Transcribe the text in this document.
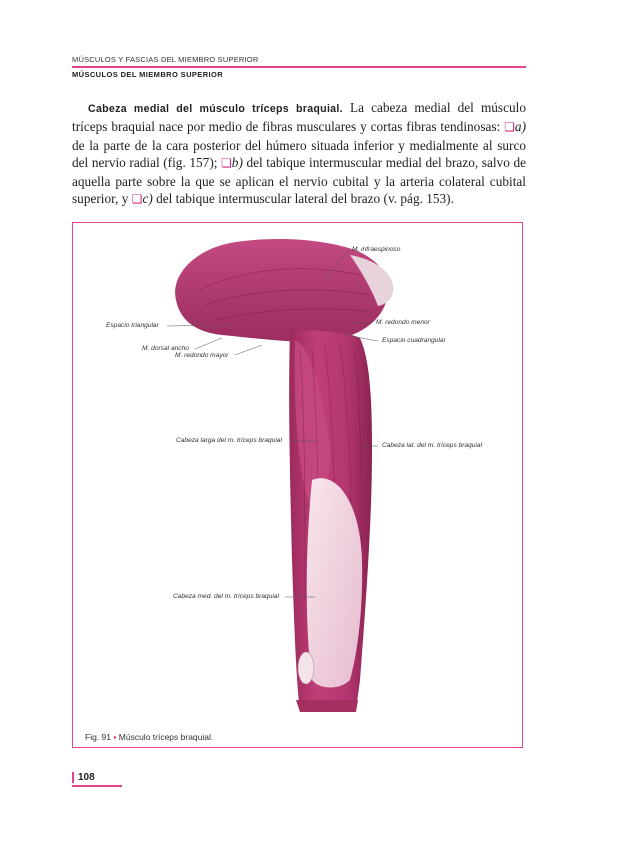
MÚSCULOS Y FASCIAS DEL MIEMBRO SUPERIOR
MÚSCULOS DEL MIEMBRO SUPERIOR

Cabeza medial del músculo tríceps braquial. La cabeza medial del músculo tríceps braquial nace por medio de fibras musculares y cortas fibras tendinosas: ❏a) de la parte de la cara posterior del húmero situada inferior y medialmente al surco del nervio radial (fig. 157); ❏b) del tabique intermuscular medial del brazo, salvo de aquella parte sobre la que se aplican el nervio cubital y la arteria colateral cubital superior, y ❏c) del tabique intermuscular lateral del brazo (v. pág. 153).

M. infraespinoso
M. redondo menor
Espacio cuadrangular
Espacio triangular
M. dorsal ancho
M. redondo mayor
Cabeza larga del m. tríceps braquial
Cabeza lat. del m. tríceps braquial
Cabeza med. del m. tríceps braquial
Fig. 91 ▪ Músculo tríceps braquial.
108
